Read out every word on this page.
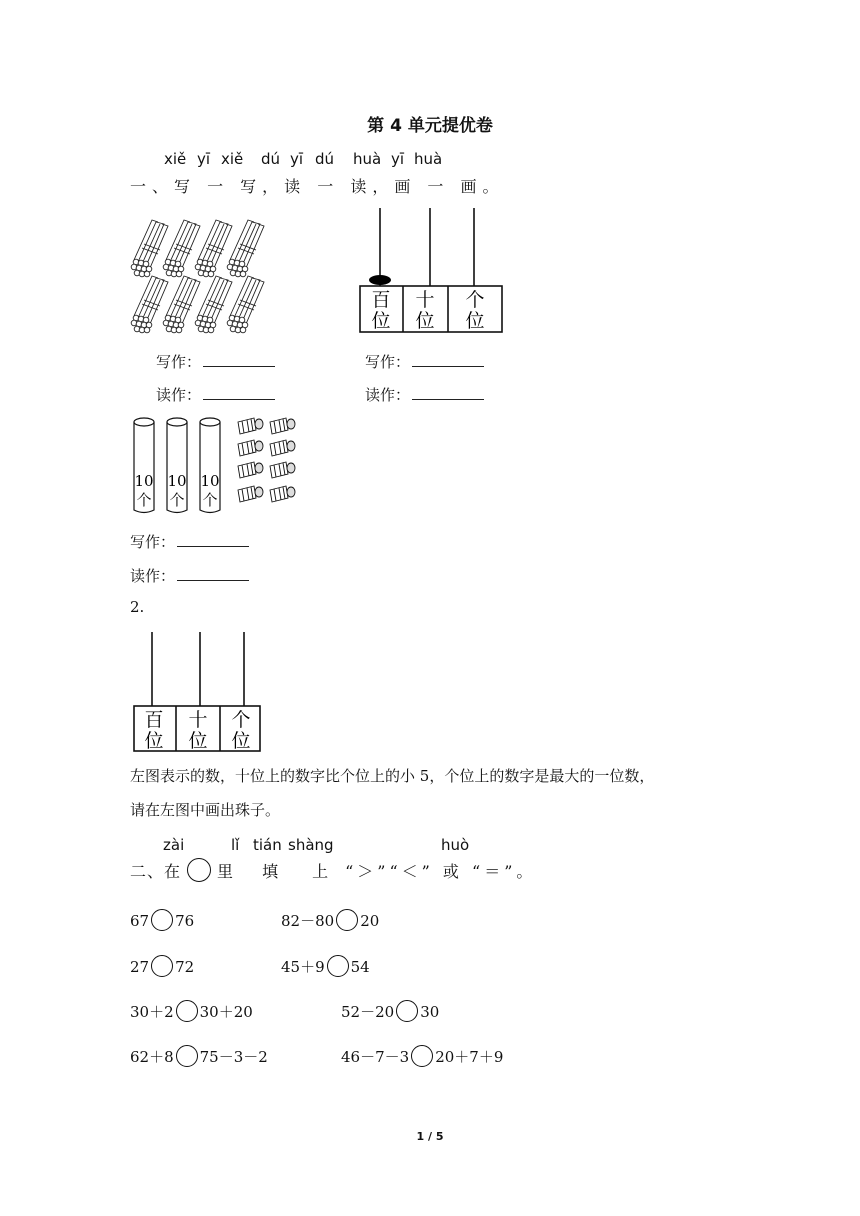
第 4 单元提优卷
xiě yī xiě dú yī dú huà yī huà
一、写 一 写，读 一 读，画 一 画。
百
位
十
位
个
位
写作：	写作：
读作：	读作：
10
个
10
个
10
个
写作：
读作：
2.
百
位
十
位
个
位
左图表示的数，十位上的数字比个位上的小 5，个位上的数字是最大的一位数，
请在左图中画出珠子。
zài	lǐ tián shàng	huò
二、在 里 填 上 “＞”“＜” 或 “＝”。
67 76	82－80 20
27 72	45＋9 54
30＋2 30＋20	52－20 30
62＋8 75－3－2	46－7－3 20＋7＋9
1 / 5
